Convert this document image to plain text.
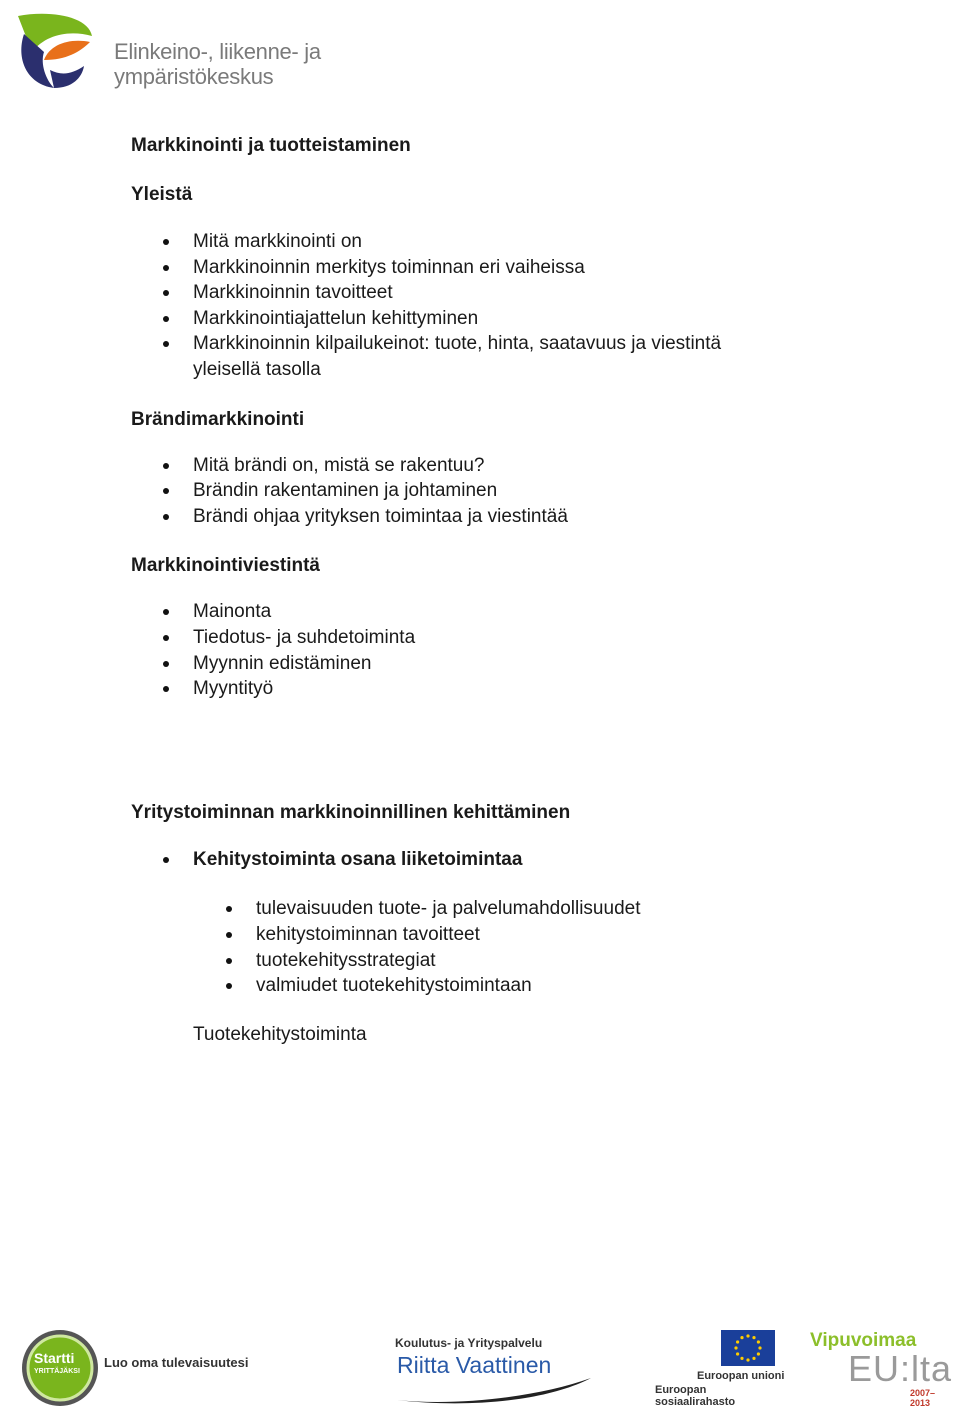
Elinkeino-, liikenne- ja
ympäristökeskus

Markkinointi ja tuotteistaminen

Yleistä

Mitä markkinointi on
Markkinoinnin merkitys toiminnan eri vaiheissa
Markkinoinnin tavoitteet
Markkinointiajattelun kehittyminen
Markkinoinnin kilpailukeinot: tuote, hinta, saatavuus ja viestintä
yleisellä tasolla

Brändimarkkinointi

Mitä brändi on, mistä se rakentuu?
Brändin rakentaminen ja johtaminen
Brändi ohjaa yrityksen toimintaa ja viestintää

Markkinointiviestintä

Mainonta
Tiedotus- ja suhdetoiminta
Myynnin edistäminen
Myyntityö

Yritystoiminnan markkinoinnillinen kehittäminen

Kehitystoiminta osana liiketoimintaa
tulevaisuuden tuote- ja palvelumahdollisuudet
kehitystoiminnan tavoitteet
tuotekehitysstrategiat
valmiudet tuotekehitystoimintaan

Tuotekehitystoiminta

Startti
YRITTÄJÄKSI
Luo oma tulevaisuutesi
Koulutus- ja Yrityspalvelu
Riitta Vaattinen	Euroopan unioni
Euroopan sosiaalirahasto
Vipuvoimaa
EU:lta
2007–2013
